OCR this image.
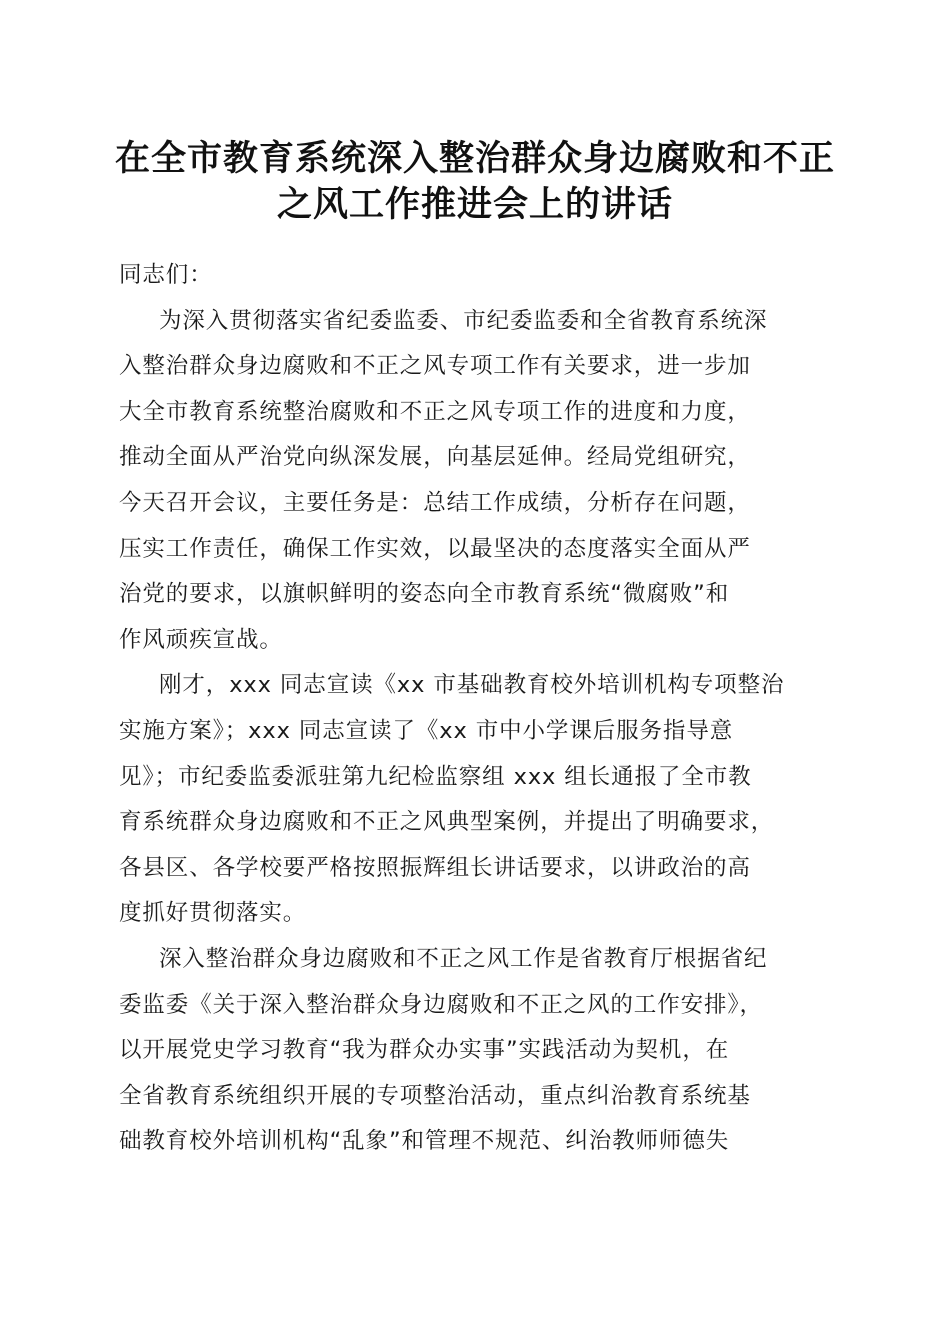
在全市教育系统深入整治群众身边腐败和不正
之风工作推进会上的讲话
同志们：
为深入贯彻落实省纪委监委、市纪委监委和全省教育系统深
入整治群众身边腐败和不正之风专项工作有关要求，进一步加
大全市教育系统整治腐败和不正之风专项工作的进度和力度，
推动全面从严治党向纵深发展，向基层延伸。经局党组研究，
今天召开会议，主要任务是：总结工作成绩，分析存在问题，
压实工作责任，确保工作实效，以最坚决的态度落实全面从严
治党的要求，以旗帜鲜明的姿态向全市教育系统“微腐败”和
作风顽疾宣战。
刚才，xxx 同志宣读《xx 市基础教育校外培训机构专项整治
实施方案》；xxx 同志宣读了《xx 市中小学课后服务指导意
见》；市纪委监委派驻第九纪检监察组 xxx 组长通报了全市教
育系统群众身边腐败和不正之风典型案例，并提出了明确要求，
各县区、各学校要严格按照振辉组长讲话要求，以讲政治的高
度抓好贯彻落实。
深入整治群众身边腐败和不正之风工作是省教育厅根据省纪
委监委《关于深入整治群众身边腐败和不正之风的工作安排》，
以开展党史学习教育“我为群众办实事”实践活动为契机，在
全省教育系统组织开展的专项整治活动，重点纠治教育系统基
础教育校外培训机构“乱象”和管理不规范、纠治教师师德失
